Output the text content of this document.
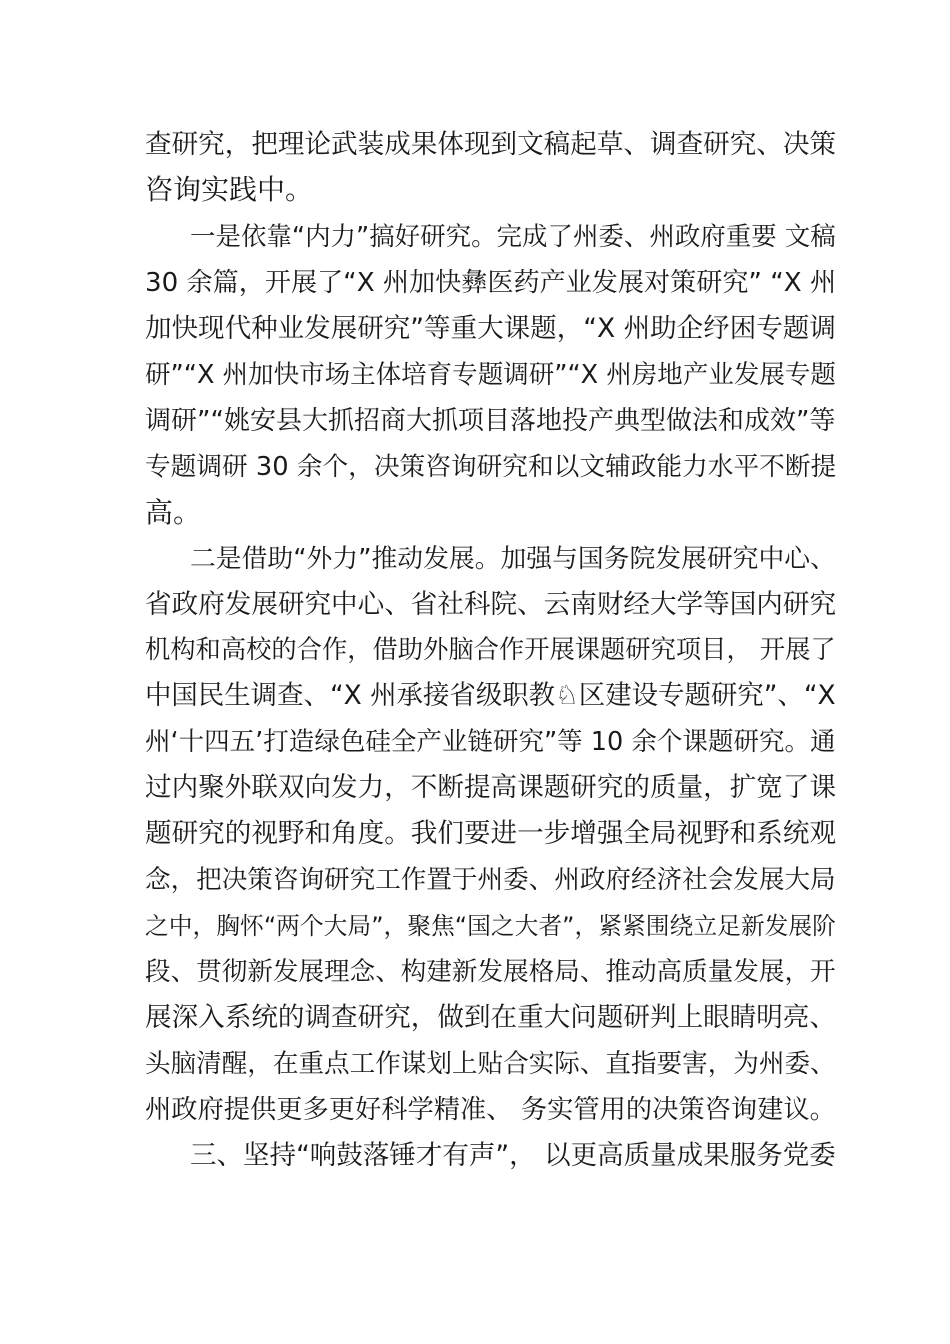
查研究，把理论武装成果体现到文稿起草、调查研究、决策
咨询实践中。
一是依靠“内力”搞好研究。完成了州委、州政府重要 文稿
30 余篇，开展了“X 州加快彝医药产业发展对策研究” “X 州
加快现代种业发展研究”等重大课题，“X 州助企纾困专题调
研”“X 州加快市场主体培育专题调研”“X 州房地产业发展专题
调研”“姚安县大抓招商大抓项目落地投产典型做法和成效”等
专题调研 30 余个，决策咨询研究和以文辅政能力水平不断提
高。
二是借助“外力”推动发展。加强与国务院发展研究中心、
省政府发展研究中心、省社科院、云南财经大学等国内研究
机构和高校的合作，借助外脑合作开展课题研究项目， 开展了
中国民生调查、“X 州承接省级职教♘区建设专题研究”、“X
州‘十四五’打造绿色硅全产业链研究”等 10 余个课题研究。通
过内聚外联双向发力，不断提高课题研究的质量，扩宽了课
题研究的视野和角度。我们要进一步增强全局视野和系统观
念，把决策咨询研究工作置于州委、州政府经济社会发展大局
之中，胸怀“两个大局”，聚焦“国之大者”，紧紧围绕立足新发展阶
段、贯彻新发展理念、构建新发展格局、推动高质量发展，开
展深入系统的调查研究，做到在重大问题研判上眼睛明亮、
头脑清醒，在重点工作谋划上贴合实际、直指要害，为州委、
州政府提供更多更好科学精准、 务实管用的决策咨询建议。
三、坚持“响鼓落锤才有声”， 以更高质量成果服务党委
